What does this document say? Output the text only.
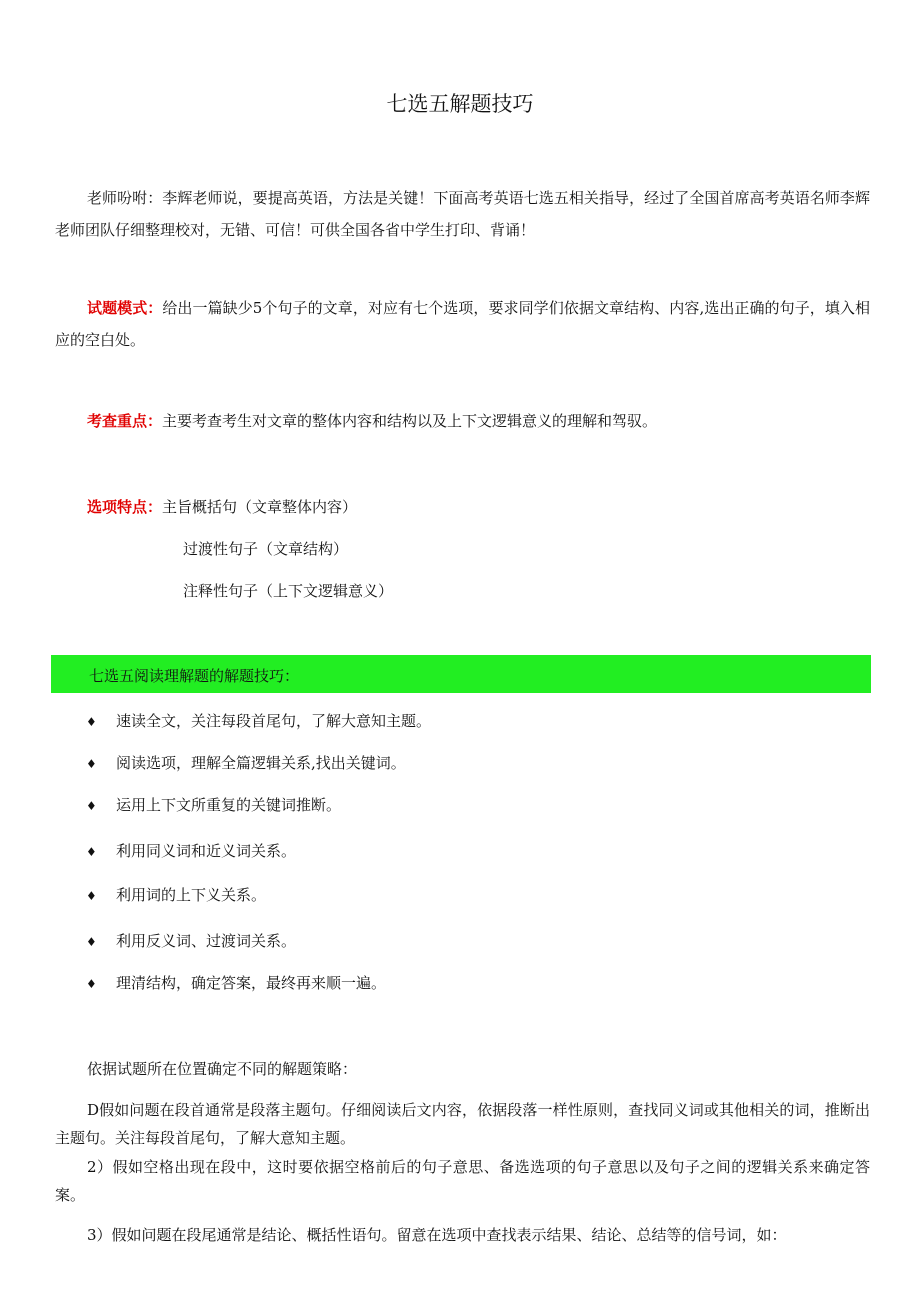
七选五解题技巧
老师吩咐：李辉老师说，要提高英语，方法是关键！下面高考英语七选五相关指导，经过了全国首席高考英语名师李辉老师团队仔细整理校对，无错、可信！可供全国各省中学生打印、背诵！
试题模式：给出一篇缺少5个句子的文章，对应有七个选项，要求同学们依据文章结构、内容,选出正确的句子，填入相应的空白处。
考查重点：主要考查考生对文章的整体内容和结构以及上下文逻辑意义的理解和驾驭。
选项特点：主旨概括句（文章整体内容）
过渡性句子（文章结构）
注释性句子（上下文逻辑意义）
七选五阅读理解题的解题技巧：
♦ 速读全文，关注每段首尾句，了解大意知主题。
♦ 阅读选项，理解全篇逻辑关系,找出关键词。
♦ 运用上下文所重复的关键词推断。
♦ 利用同义词和近义词关系。
♦ 利用词的上下义关系。
♦ 利用反义词、过渡词关系。
♦ 理清结构，确定答案，最终再来顺一遍。
依据试题所在位置确定不同的解题策略：
D假如问题在段首通常是段落主题句。仔细阅读后文内容，依据段落一样性原则，查找同义词或其他相关的词，推断出主题句。关注每段首尾句，了解大意知主题。
2）假如空格出现在段中，这时要依据空格前后的句子意思、备选选项的句子意思以及句子之间的逻辑关系来确定答案。
3）假如问题在段尾通常是结论、概括性语句。留意在选项中查找表示结果、结论、总结等的信号词，如：
